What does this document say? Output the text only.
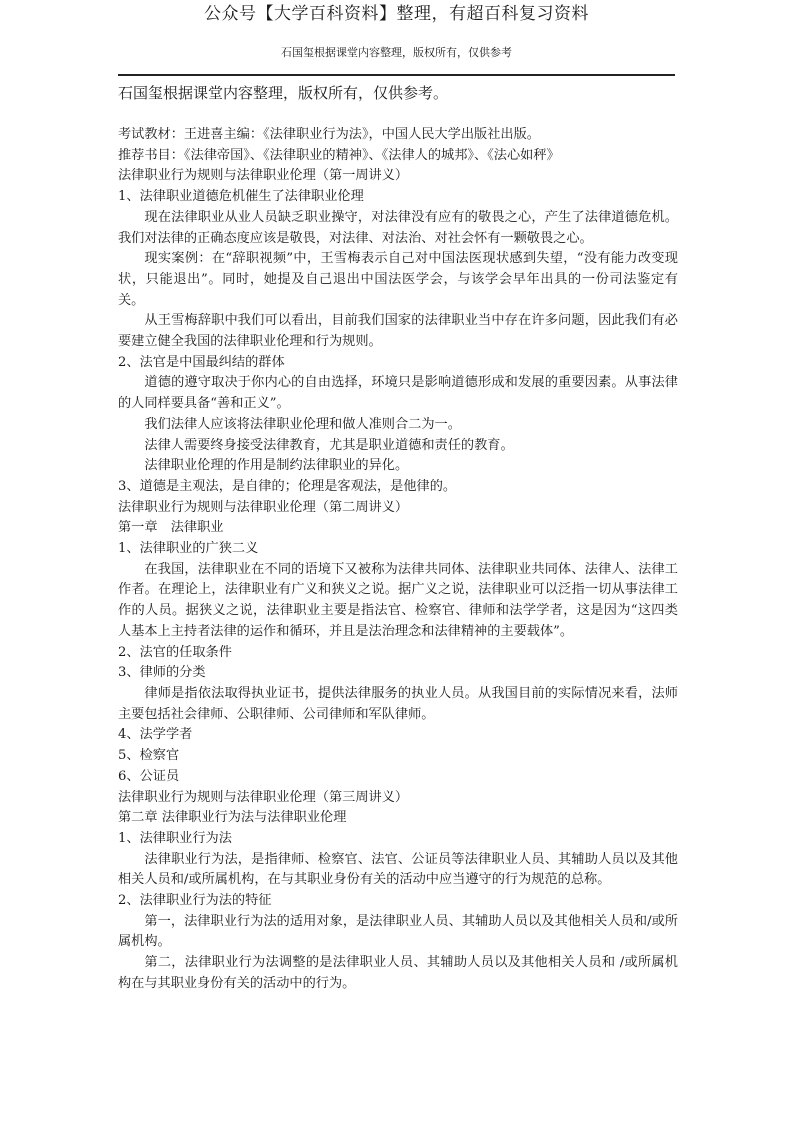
公众号【大学百科资料】整理，有超百科复习资料
石国玺根据课堂内容整理，版权所有，仅供参考
石国玺根据课堂内容整理，版权所有，仅供参考。

考试教材：王进喜主编：《法律职业行为法》，中国人民大学出版社出版。

推荐书目：《法律帝国》、《法律职业的精神》、《法律人的城邦》、《法心如秤》

法律职业行为规则与法律职业伦理（第一周讲义）

1、法律职业道德危机催生了法律职业伦理

现在法律职业从业人员缺乏职业操守，对法律没有应有的敬畏之心，产生了法律道德危机。我们对法律的正确态度应该是敬畏，对法律、对法治、对社会怀有一颗敬畏之心。

现实案例：在“辞职视频”中，王雪梅表示自己对中国法医现状感到失望，“没有能力改变现状，只能退出”。同时，她提及自己退出中国法医学会，与该学会早年出具的一份司法鉴定有关。

从王雪梅辞职中我们可以看出，目前我们国家的法律职业当中存在许多问题，因此我们有必要建立健全我国的法律职业伦理和行为规则。

2、法官是中国最纠结的群体

道德的遵守取决于你内心的自由选择，环境只是影响道德形成和发展的重要因素。从事法律的人同样要具备“善和正义”。

我们法律人应该将法律职业伦理和做人准则合二为一。

法律人需要终身接受法律教育，尤其是职业道德和责任的教育。

法律职业伦理的作用是制约法律职业的异化。

3、道德是主观法，是自律的；伦理是客观法，是他律的。

法律职业行为规则与法律职业伦理（第二周讲义）

第一章　法律职业

1、法律职业的广狭二义

在我国，法律职业在不同的语境下又被称为法律共同体、法律职业共同体、法律人、法律工作者。在理论上，法律职业有广义和狭义之说。据广义之说，法律职业可以泛指一切从事法律工作的人员。据狭义之说，法律职业主要是指法官、检察官、律师和法学学者，这是因为“这四类人基本上主持者法律的运作和循环，并且是法治理念和法律精神的主要载体”。

2、法官的任取条件

3、律师的分类

律师是指依法取得执业证书，提供法律服务的执业人员。从我国目前的实际情况来看，法师主要包括社会律师、公职律师、公司律师和军队律师。

4、法学学者

5、检察官

6、公证员

法律职业行为规则与法律职业伦理（第三周讲义）

第二章 法律职业行为法与法律职业伦理

1、法律职业行为法

法律职业行为法，是指律师、检察官、法官、公证员等法律职业人员、其辅助人员以及其他相关人员和/或所属机构，在与其职业身份有关的活动中应当遵守的行为规范的总称。

2、法律职业行为法的特征

第一，法律职业行为法的适用对象，是法律职业人员、其辅助人员以及其他相关人员和/或所属机构。

第二，法律职业行为法调整的是法律职业人员、其辅助人员以及其他相关人员和 /或所属机构在与其职业身份有关的活动中的行为。
